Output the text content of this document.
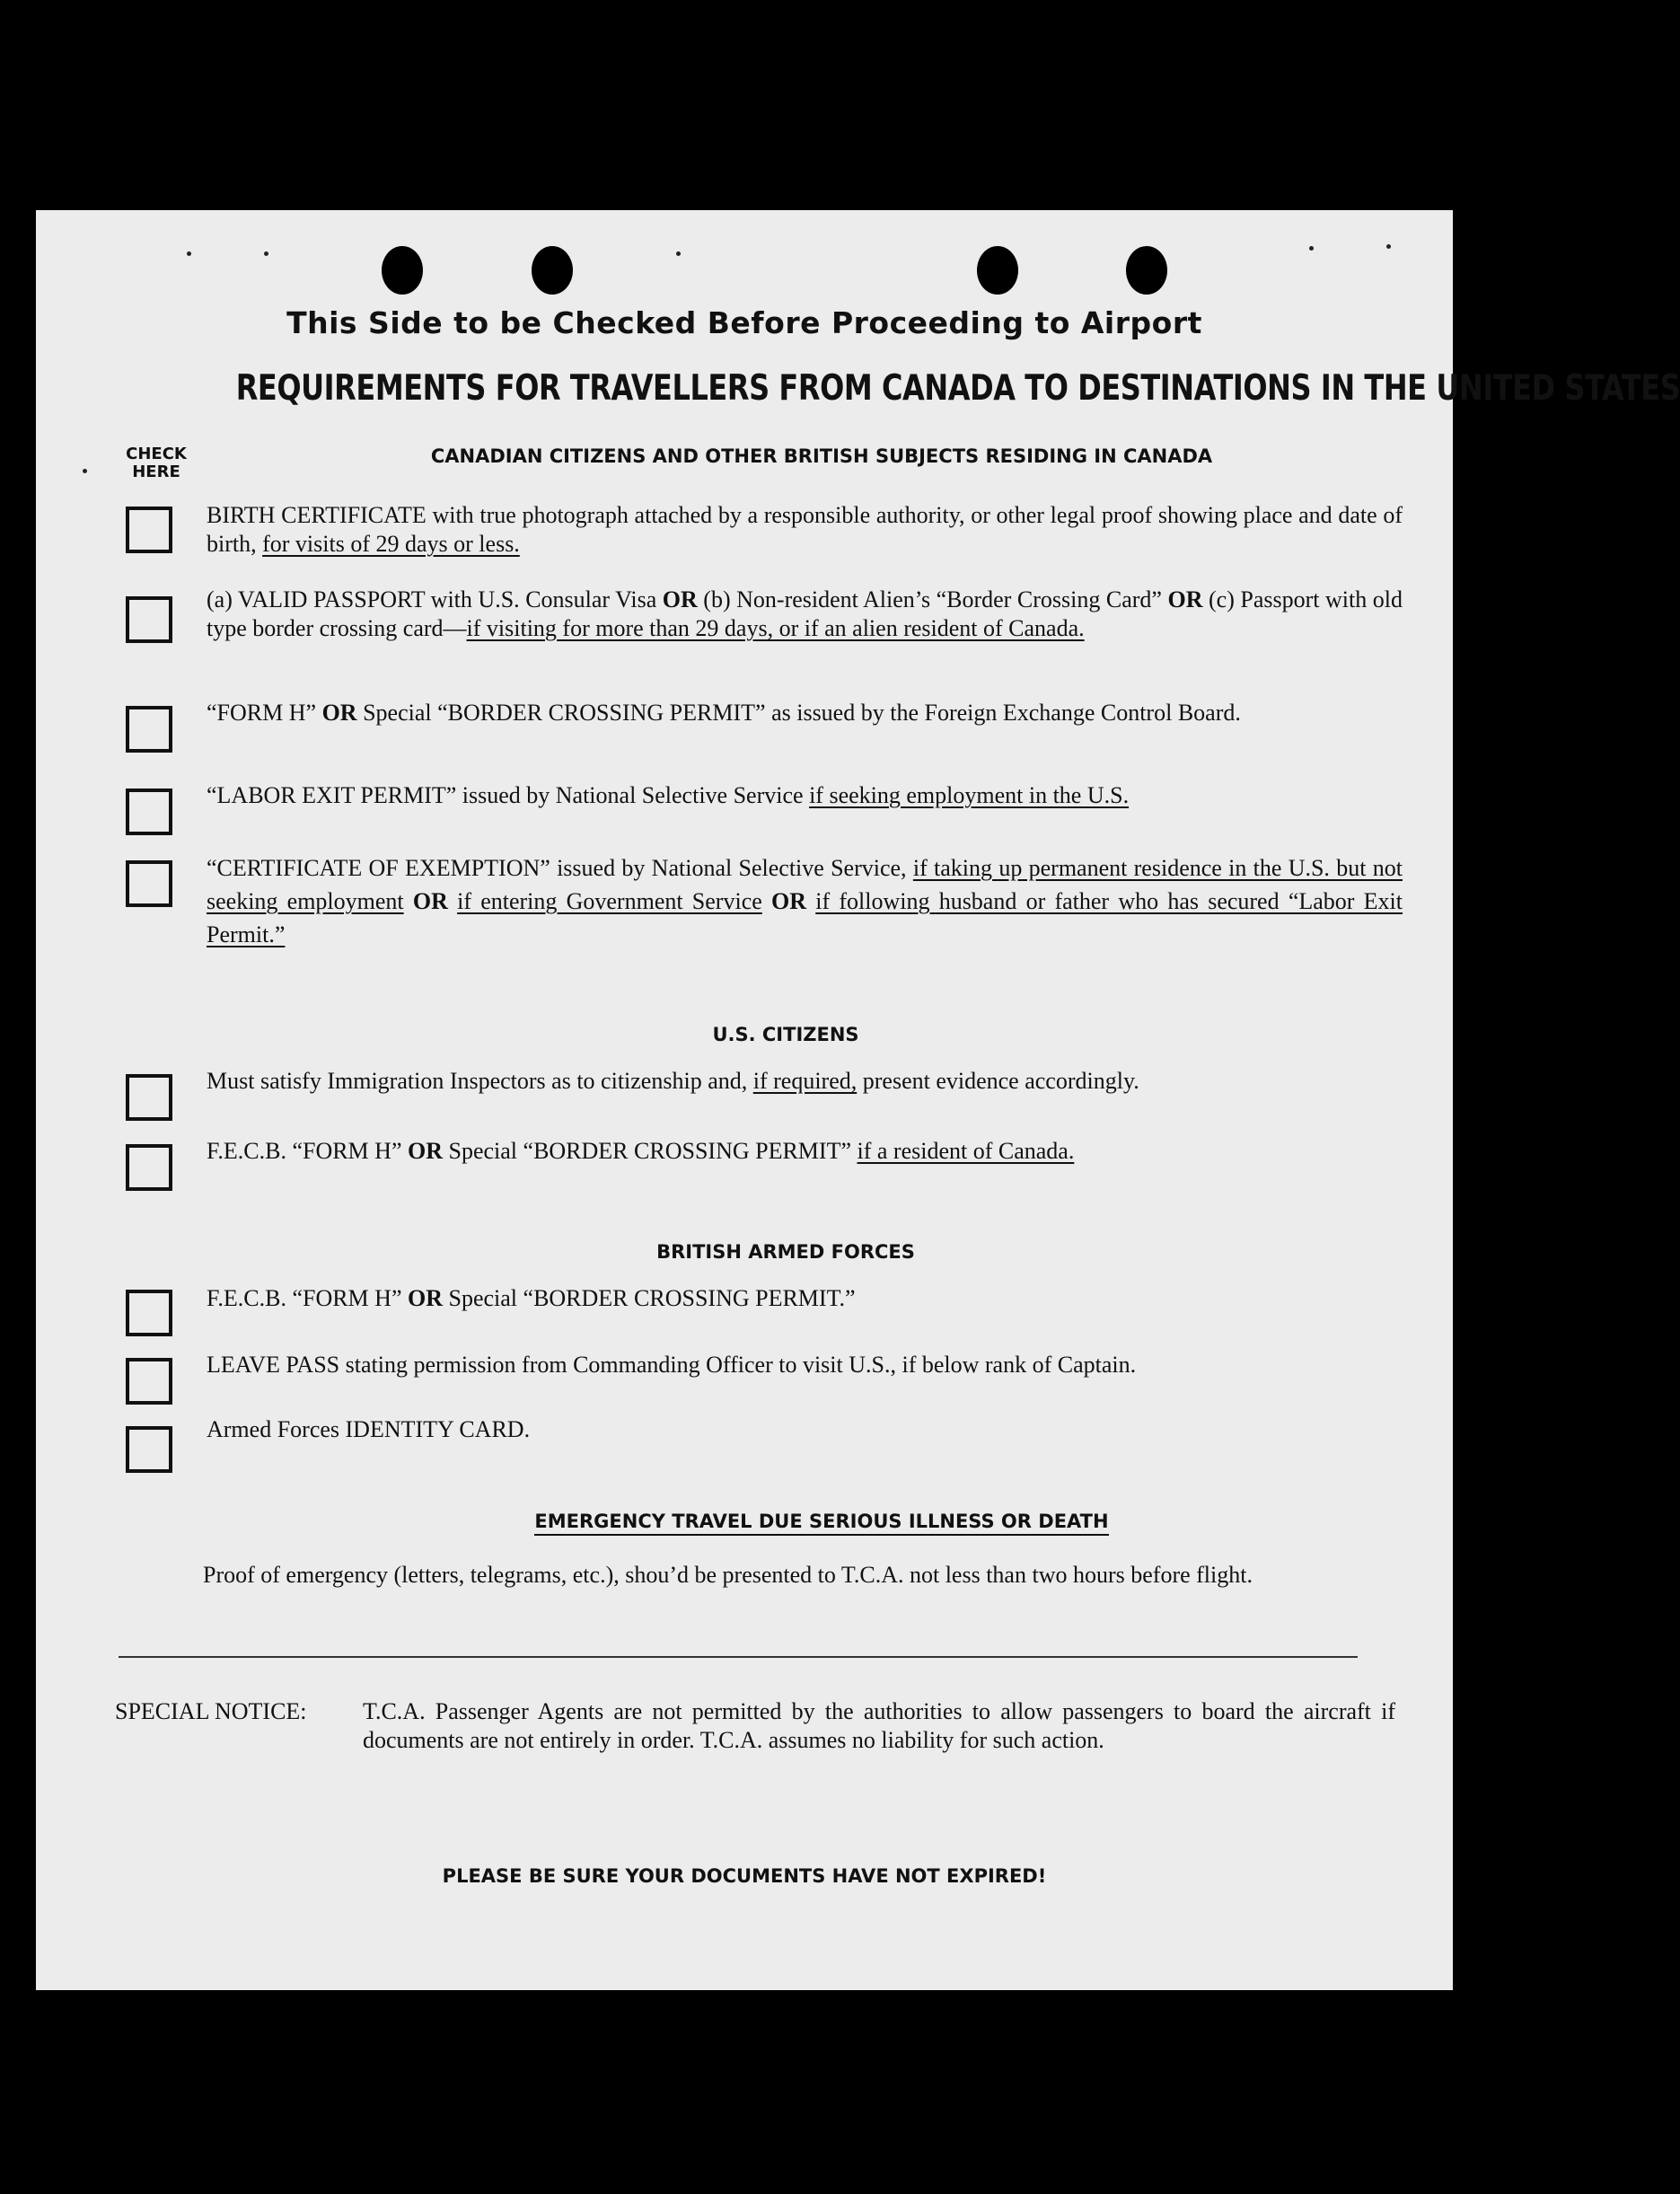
This Side to be Checked Before Proceeding to Airport
REQUIREMENTS FOR TRAVELLERS FROM CANADA TO DESTINATIONS IN THE UNITED STATES
CHECK HERE
CANADIAN CITIZENS AND OTHER BRITISH SUBJECTS RESIDING IN CANADA
BIRTH CERTIFICATE with true photograph attached by a responsible authority, or other legal proof showing place and date of birth, for visits of 29 days or less.
(a) VALID PASSPORT with U.S. Consular Visa OR (b) Non-resident Alien’s “Border Crossing Card” OR (c) Passport with old type border crossing card—if visiting for more than 29 days, or if an alien resident of Canada.
“FORM H” OR Special “BORDER CROSSING PERMIT” as issued by the Foreign Exchange Control Board.
“LABOR EXIT PERMIT” issued by National Selective Service if seeking employment in the U.S.
“CERTIFICATE OF EXEMPTION” issued by National Selective Service, if taking up permanent residence in the U.S. but not seeking employment OR if entering Government Service OR if following husband or father who has secured “Labor Exit Permit.”
U.S. CITIZENS
Must satisfy Immigration Inspectors as to citizenship and, if required, present evidence accordingly.
F.E.C.B. “FORM H” OR Special “BORDER CROSSING PERMIT” if a resident of Canada.
BRITISH ARMED FORCES
F.E.C.B. “FORM H” OR Special “BORDER CROSSING PERMIT.”
LEAVE PASS stating permission from Commanding Officer to visit U.S., if below rank of Captain.
Armed Forces IDENTITY CARD.
EMERGENCY TRAVEL DUE SERIOUS ILLNESS OR DEATH
Proof of emergency (letters, telegrams, etc.), shou’d be presented to T.C.A. not less than two hours before flight.
SPECIAL NOTICE: T.C.A. Passenger Agents are not permitted by the authorities to allow passengers to board the aircraft if documents are not entirely in order. T.C.A. assumes no liability for such action.
PLEASE BE SURE YOUR DOCUMENTS HAVE NOT EXPIRED!
